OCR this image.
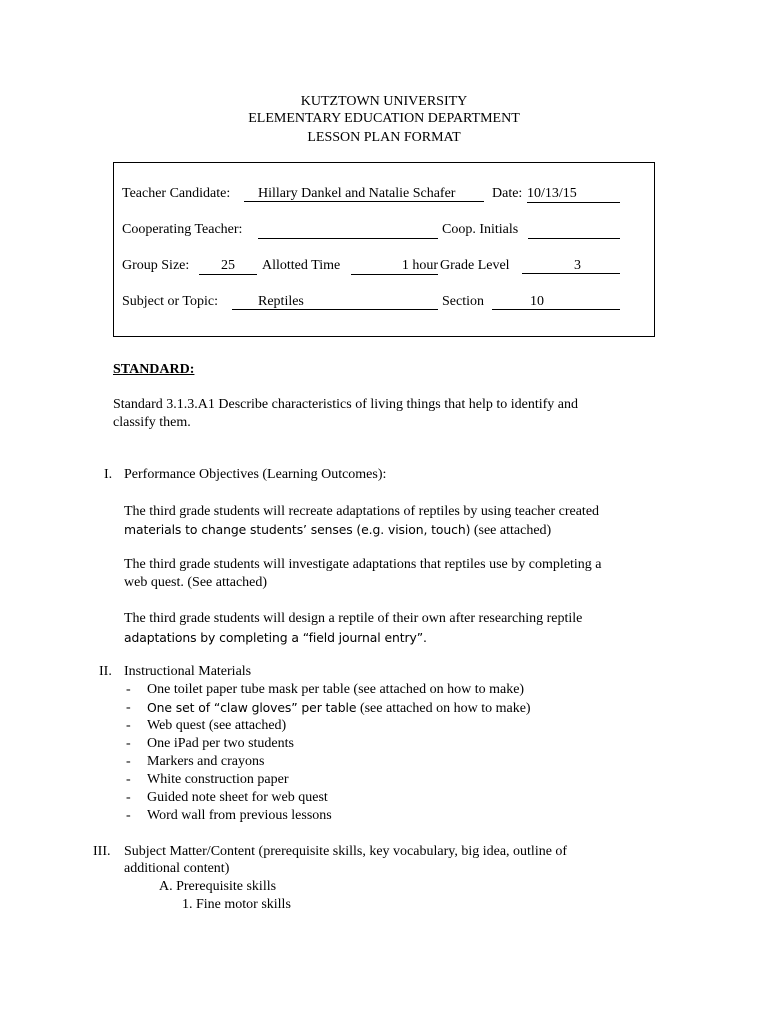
KUTZTOWN UNIVERSITY
ELEMENTARY EDUCATION DEPARTMENT
LESSON PLAN FORMAT
Teacher Candidate:	Hillary Dankel and Natalie Schafer	Date: 10/13/15
Cooperating Teacher:	Coop. Initials
Group Size:	25	Allotted Time	1 hour Grade Level	3
Subject or Topic:	Reptiles	Section	10
STANDARD:
Standard 3.1.3.A1 Describe characteristics of living things that help to identify and
classify them.
I. Performance Objectives (Learning Outcomes):
The third grade students will recreate adaptations of reptiles by using teacher created
materials to change students’ senses (e.g. vision, touch) (see attached)
The third grade students will investigate adaptations that reptiles use by completing a
web quest. (See attached)
The third grade students will design a reptile of their own after researching reptile
adaptations by completing a “field journal entry”.
II. Instructional Materials
- One toilet paper tube mask per table (see attached on how to make)
- One set of “claw gloves” per table (see attached on how to make)
- Web quest (see attached)
- One iPad per two students
- Markers and crayons
- White construction paper
- Guided note sheet for web quest
- Word wall from previous lessons
III. Subject Matter/Content (prerequisite skills, key vocabulary, big idea, outline of
additional content)
A. Prerequisite skills
1. Fine motor skills
